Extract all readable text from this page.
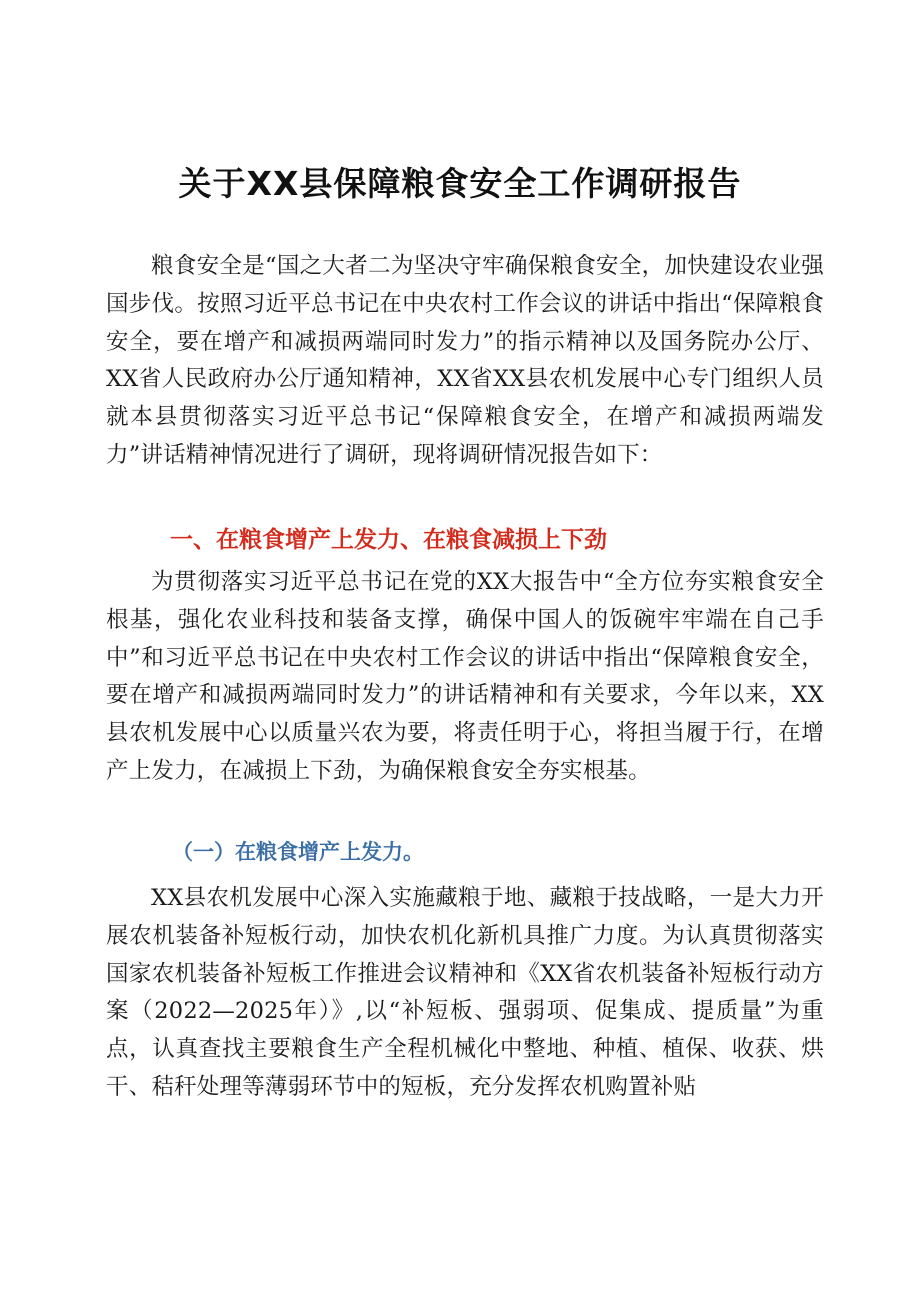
关于XX县保障粮食安全工作调研报告

粮食安全是“国之大者二为坚决守牢确保粮食安全，加快建设农业强国步伐。按照习近平总书记在中央农村工作会议的讲话中指出“保障粮食安全，要在增产和减损两端同时发力”的指示精神以及国务院办公厅、XX省人民政府办公厅通知精神，XX省XX县农机发展中心专门组织人员就本县贯彻落实习近平总书记“保障粮食安全，在增产和减损两端发力”讲话精神情况进行了调研，现将调研情况报告如下：

一、在粮食增产上发力、在粮食减损上下劲

为贯彻落实习近平总书记在党的XX大报告中“全方位夯实粮食安全根基，强化农业科技和装备支撑，确保中国人的饭碗牢牢端在自己手中”和习近平总书记在中央农村工作会议的讲话中指出“保障粮食安全，要在增产和减损两端同时发力”的讲话精神和有关要求，今年以来，XX县农机发展中心以质量兴农为要，将责任明于心，将担当履于行，在增产上发力，在减损上下劲，为确保粮食安全夯实根基。

（一）在粮食增产上发力。

XX县农机发展中心深入实施藏粮于地、藏粮于技战略，一是大力开展农机装备补短板行动，加快农机化新机具推广力度。为认真贯彻落实国家农机装备补短板工作推进会议精神和《XX省农机装备补短板行动方案（2022—2025年）》,以“补短板、强弱项、促集成、提质量”为重点，认真查找主要粮食生产全程机械化中整地、种植、植保、收获、烘干、秸秆处理等薄弱环节中的短板，充分发挥农机购置补贴
